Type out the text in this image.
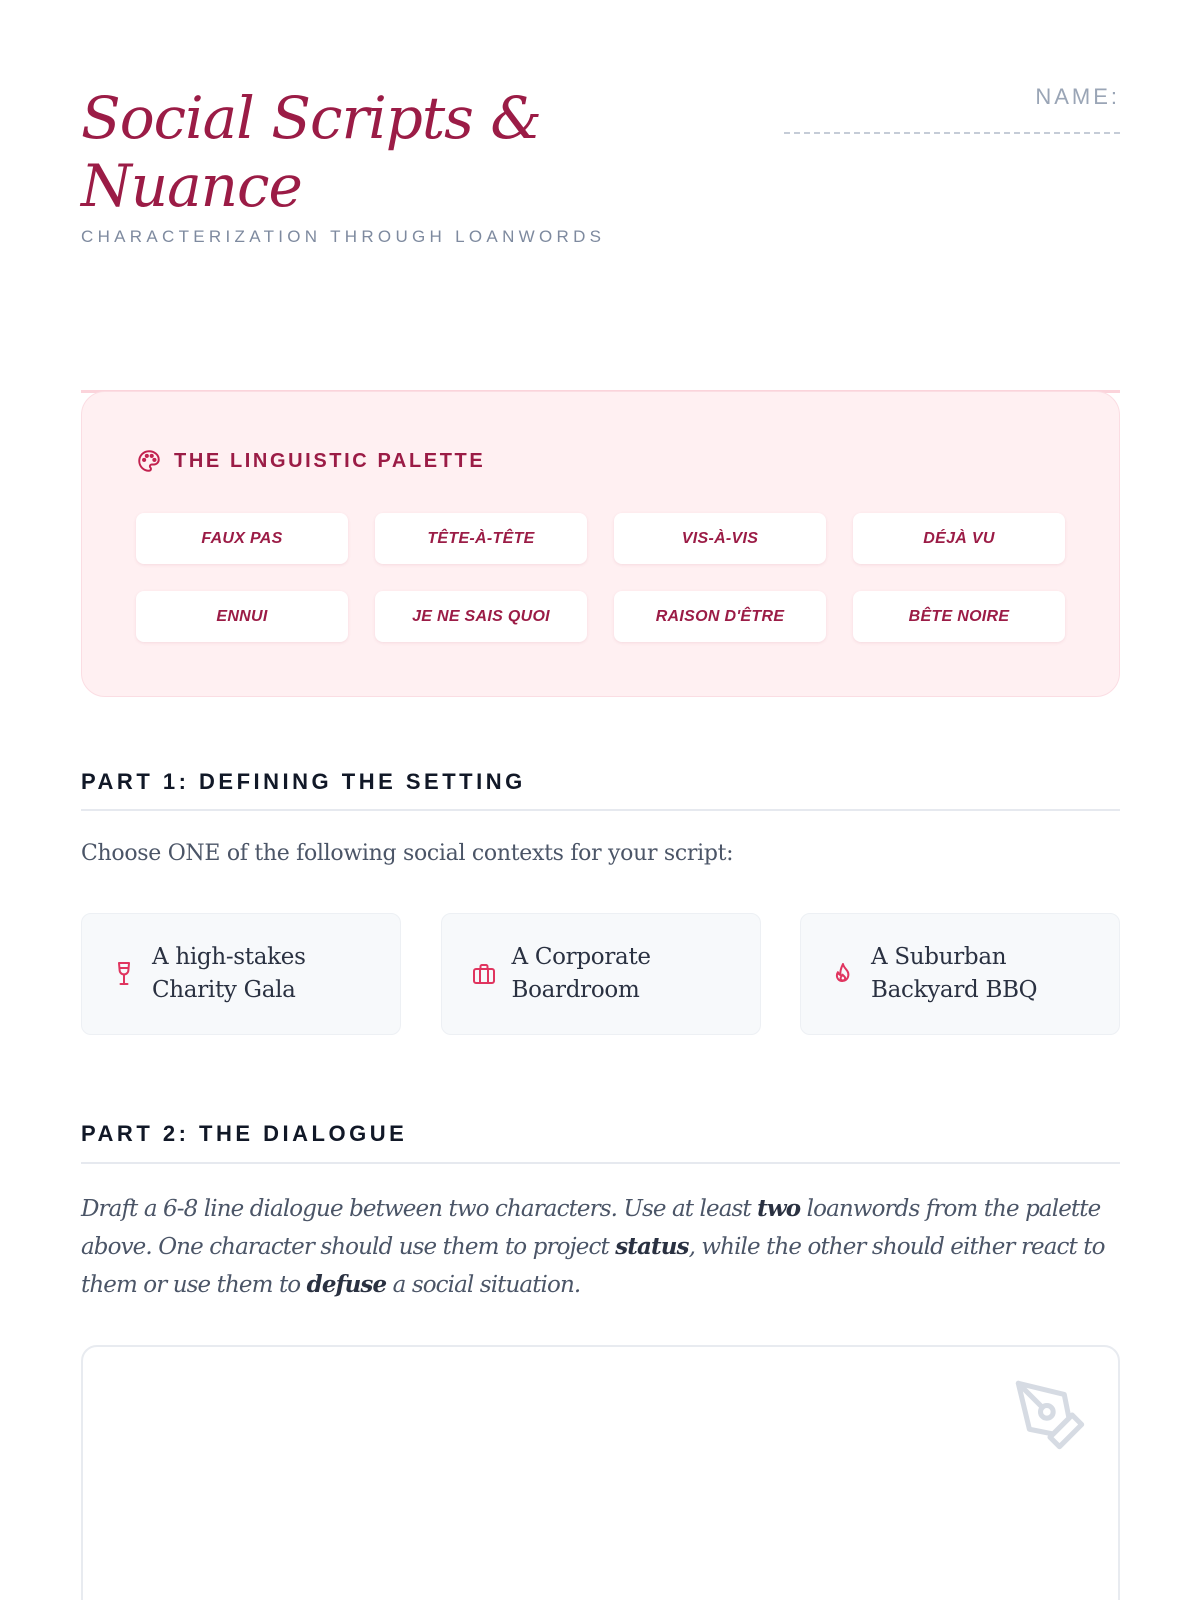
Social Scripts & Nuance
CHARACTERIZATION THROUGH LOANWORDS
NAME:
THE LINGUISTIC PALETTE
FAUX PAS	TÊTE-À-TÊTE	VIS-À-VIS	DÉJÀ VU
ENNUI	JE NE SAIS QUOI	RAISON D'ÊTRE	BÊTE NOIRE
PART 1: DEFINING THE SETTING

Choose ONE of the following social contexts for your script:

A high-stakes Charity Gala
A Corporate Boardroom
A Suburban Backyard BBQ
PART 2: THE DIALOGUE

Draft a 6-8 line dialogue between two characters. Use at least two loanwords from the palette above. One character should use them to project status, while the other should either react to them or use them to defuse a social situation.
